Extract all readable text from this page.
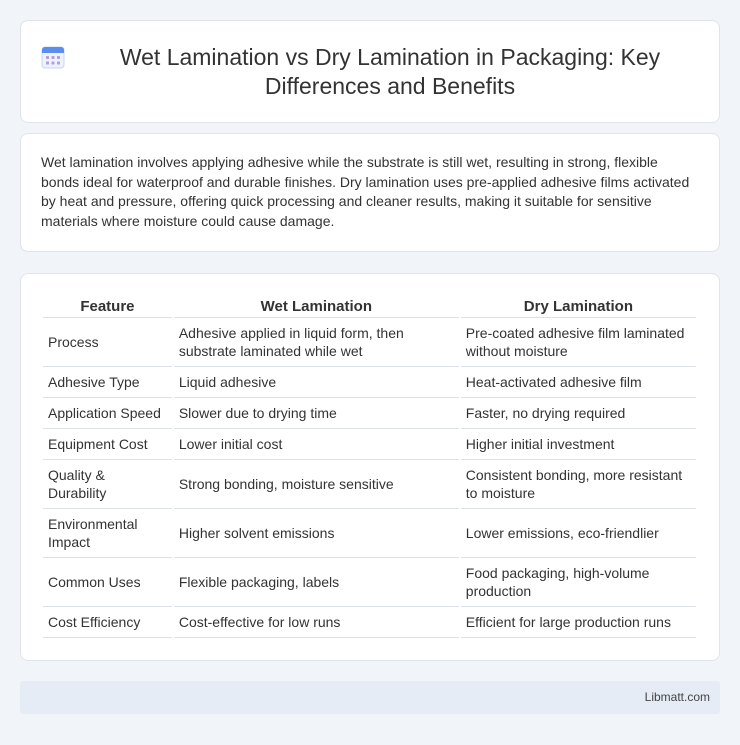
Wet Lamination vs Dry Lamination in Packaging: Key Differences and Benefits

Wet lamination involves applying adhesive while the substrate is still wet, resulting in strong, flexible bonds ideal for waterproof and durable finishes. Dry lamination uses pre-applied adhesive films activated by heat and pressure, offering quick processing and cleaner results, making it suitable for sensitive materials where moisture could cause damage.

Feature	Wet Lamination	Dry Lamination
Process	Adhesive applied in liquid form, then substrate laminated while wet	Pre-coated adhesive film laminated without moisture
Adhesive Type	Liquid adhesive	Heat-activated adhesive film
Application Speed	Slower due to drying time	Faster, no drying required
Equipment Cost	Lower initial cost	Higher initial investment
Quality & Durability	Strong bonding, moisture sensitive	Consistent bonding, more resistant to moisture
Environmental Impact	Higher solvent emissions	Lower emissions, eco-friendlier
Common Uses	Flexible packaging, labels	Food packaging, high-volume production
Cost Efficiency	Cost-effective for low runs	Efficient for large production runs
Libmatt.com
